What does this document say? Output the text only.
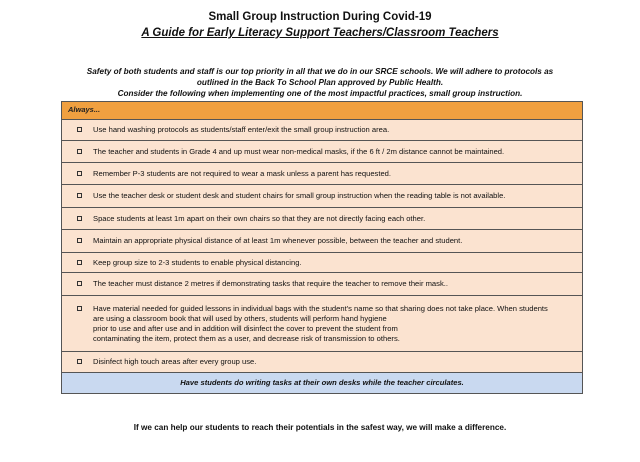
Small Group Instruction During Covid-19
A Guide for Early Literacy Support Teachers/Classroom Teachers
Safety of both students and staff is our top priority in all that we do in our SRCE schools. We will adhere to protocols as
outlined in the Back To School Plan approved by Public Health.
Consider the following when implementing one of the most impactful practices, small group instruction.
Always...
Use hand washing protocols as students/staff enter/exit the small group instruction area.
The teacher and students in Grade 4 and up must wear non-medical masks, if the 6 ft / 2m distance cannot be maintained.
Remember P-3 students are not required to wear a mask unless a parent has requested.
Use the teacher desk or student desk and student chairs for small group instruction when the reading table is not available.
Space students at least 1m apart on their own chairs so that they are not directly facing each other.
Maintain an appropriate physical distance of at least 1m whenever possible, between the teacher and student.
Keep group size to 2-3 students to enable physical distancing.
The teacher must distance 2 metres if demonstrating tasks that require the teacher to remove their mask..
Have material needed for guided lessons in individual bags with the student's name so that sharing does not take place. When students
are using a classroom book that will used by others, students will perform hand hygiene
prior to use and after use and in addition will disinfect the cover to prevent the student from
contaminating the item, protect them as a user, and decrease risk of transmission to others.
Disinfect high touch areas after every group use.
Have students do writing tasks at their own desks while the teacher circulates.
If we can help our students to reach their potentials in the safest way, we will make a difference.
